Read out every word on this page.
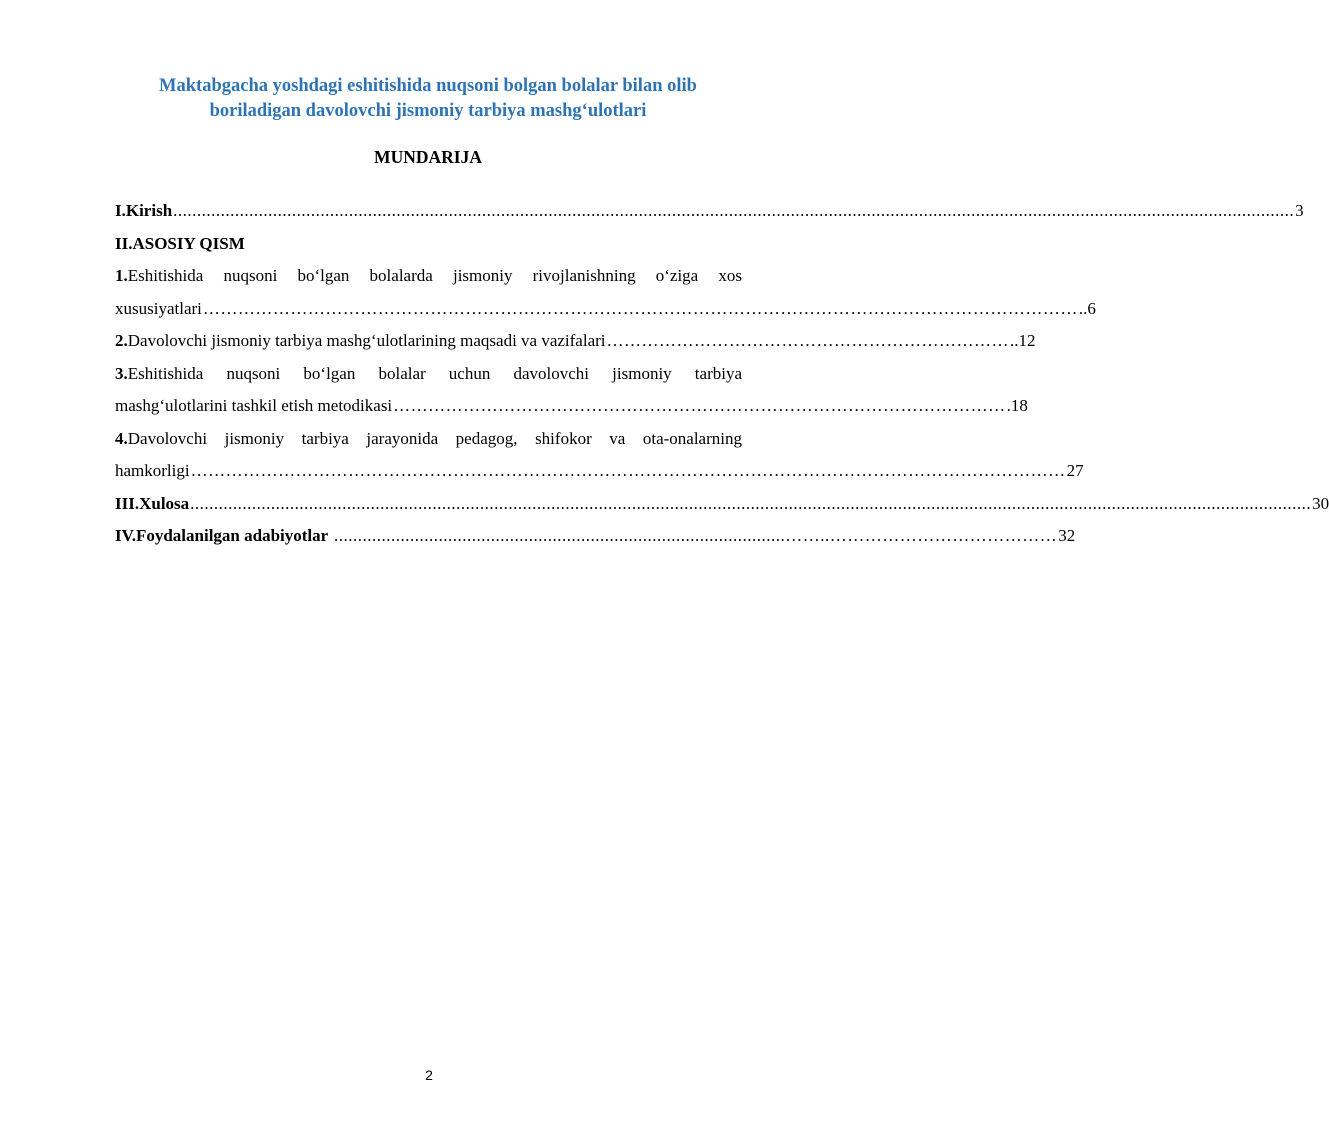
Maktabgacha yoshdagi eshitishida nuqsoni bolgan bolalar bilan olib
boriladigan davolovchi jismoniy tarbiya mashg‘ulotlari
MUNDARIJA
I.Kirish ............................................................................................................................................................................................................................................ 3
II.ASOSIY QISM
1.Eshitishida nuqsoni bo‘lgan bolalarda jismoniy rivojlanishning o‘ziga xos
xususiyatlari …………………………………………………………………………………………………………………………………… ..6
2.Davolovchi jismoniy tarbiya mashg‘ulotlarining maqsadi va vazifalari …………………………………………………………… ..12
3.Eshitishida nuqsoni bo‘lgan bolalar uchun davolovchi jismoniy tarbiya
mashg‘ulotlarini tashkil etish metodikasi …………………………………………………………………………………………… .18
4.Davolovchi jismoniy tarbiya jarayonida pedagog, shifokor va ota-onalarning
hamkorligi …………………………………………………………………………………………………………………………………… 27
III.Xulosa ............................................................................................................................................................................................................................................ 30
IV.Foydalanilgan adabiyotlar ...............................................................................................……..………………………………… 32
2
